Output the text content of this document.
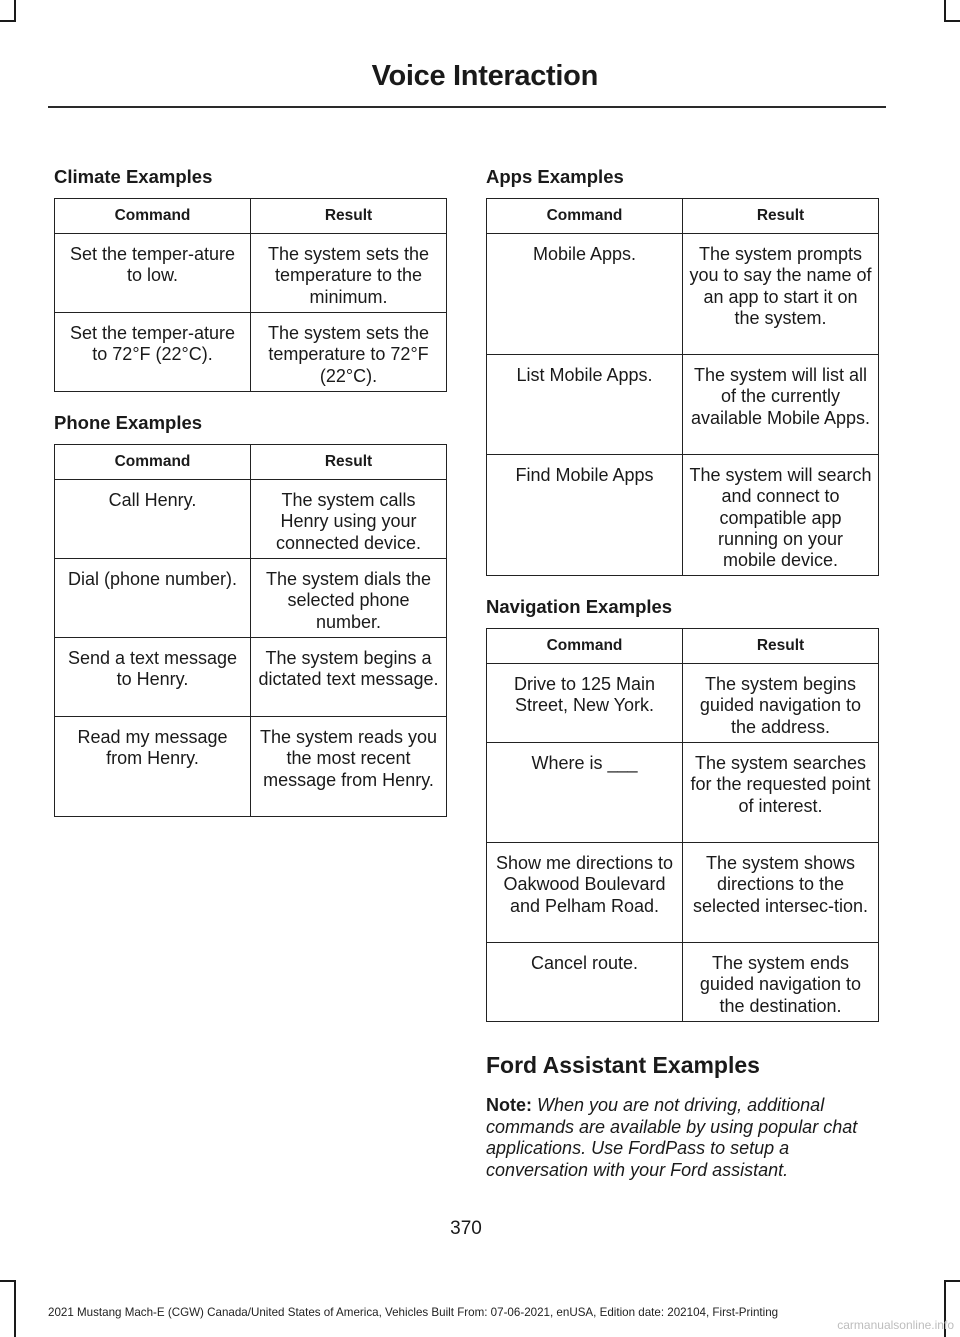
Voice Interaction
Climate Examples
Command	Result
Set the temper-ature to low.	The system sets the temperature to the minimum.
Set the temper-ature to 72°F (22°C).	The system sets the temperature to 72°F (22°C).
Phone Examples
Command	Result
Call Henry.	The system calls Henry using your connected device.
Dial (phone number).	The system dials the selected phone number.
Send a text message to Henry.	The system begins a dictated text message.
Read my message from Henry.	The system reads you the most recent message from Henry.
Apps Examples
Command	Result
Mobile Apps.	The system prompts you to say the name of an app to start it on the system.
List Mobile Apps.	The system will list all of the currently available Mobile Apps.
Find Mobile Apps	The system will search and connect to compatible app running on your mobile device.
Navigation Examples
Command	Result
Drive to 125 Main Street, New York.	The system begins guided navigation to the address.
Where is ___	The system searches for the requested point of interest.
Show me directions to Oakwood Boulevard and Pelham Road.	The system shows directions to the selected intersec-tion.
Cancel route.	The system ends guided navigation to the destination.
Ford Assistant Examples
Note: When you are not driving, additional commands are available by using popular chat applications. Use FordPass to setup a conversation with your Ford assistant.
370
2021 Mustang Mach-E (CGW) Canada/United States of America, Vehicles Built From: 07-06-2021, enUSA, Edition date: 202104, First-Printing
carmanualsonline.info
